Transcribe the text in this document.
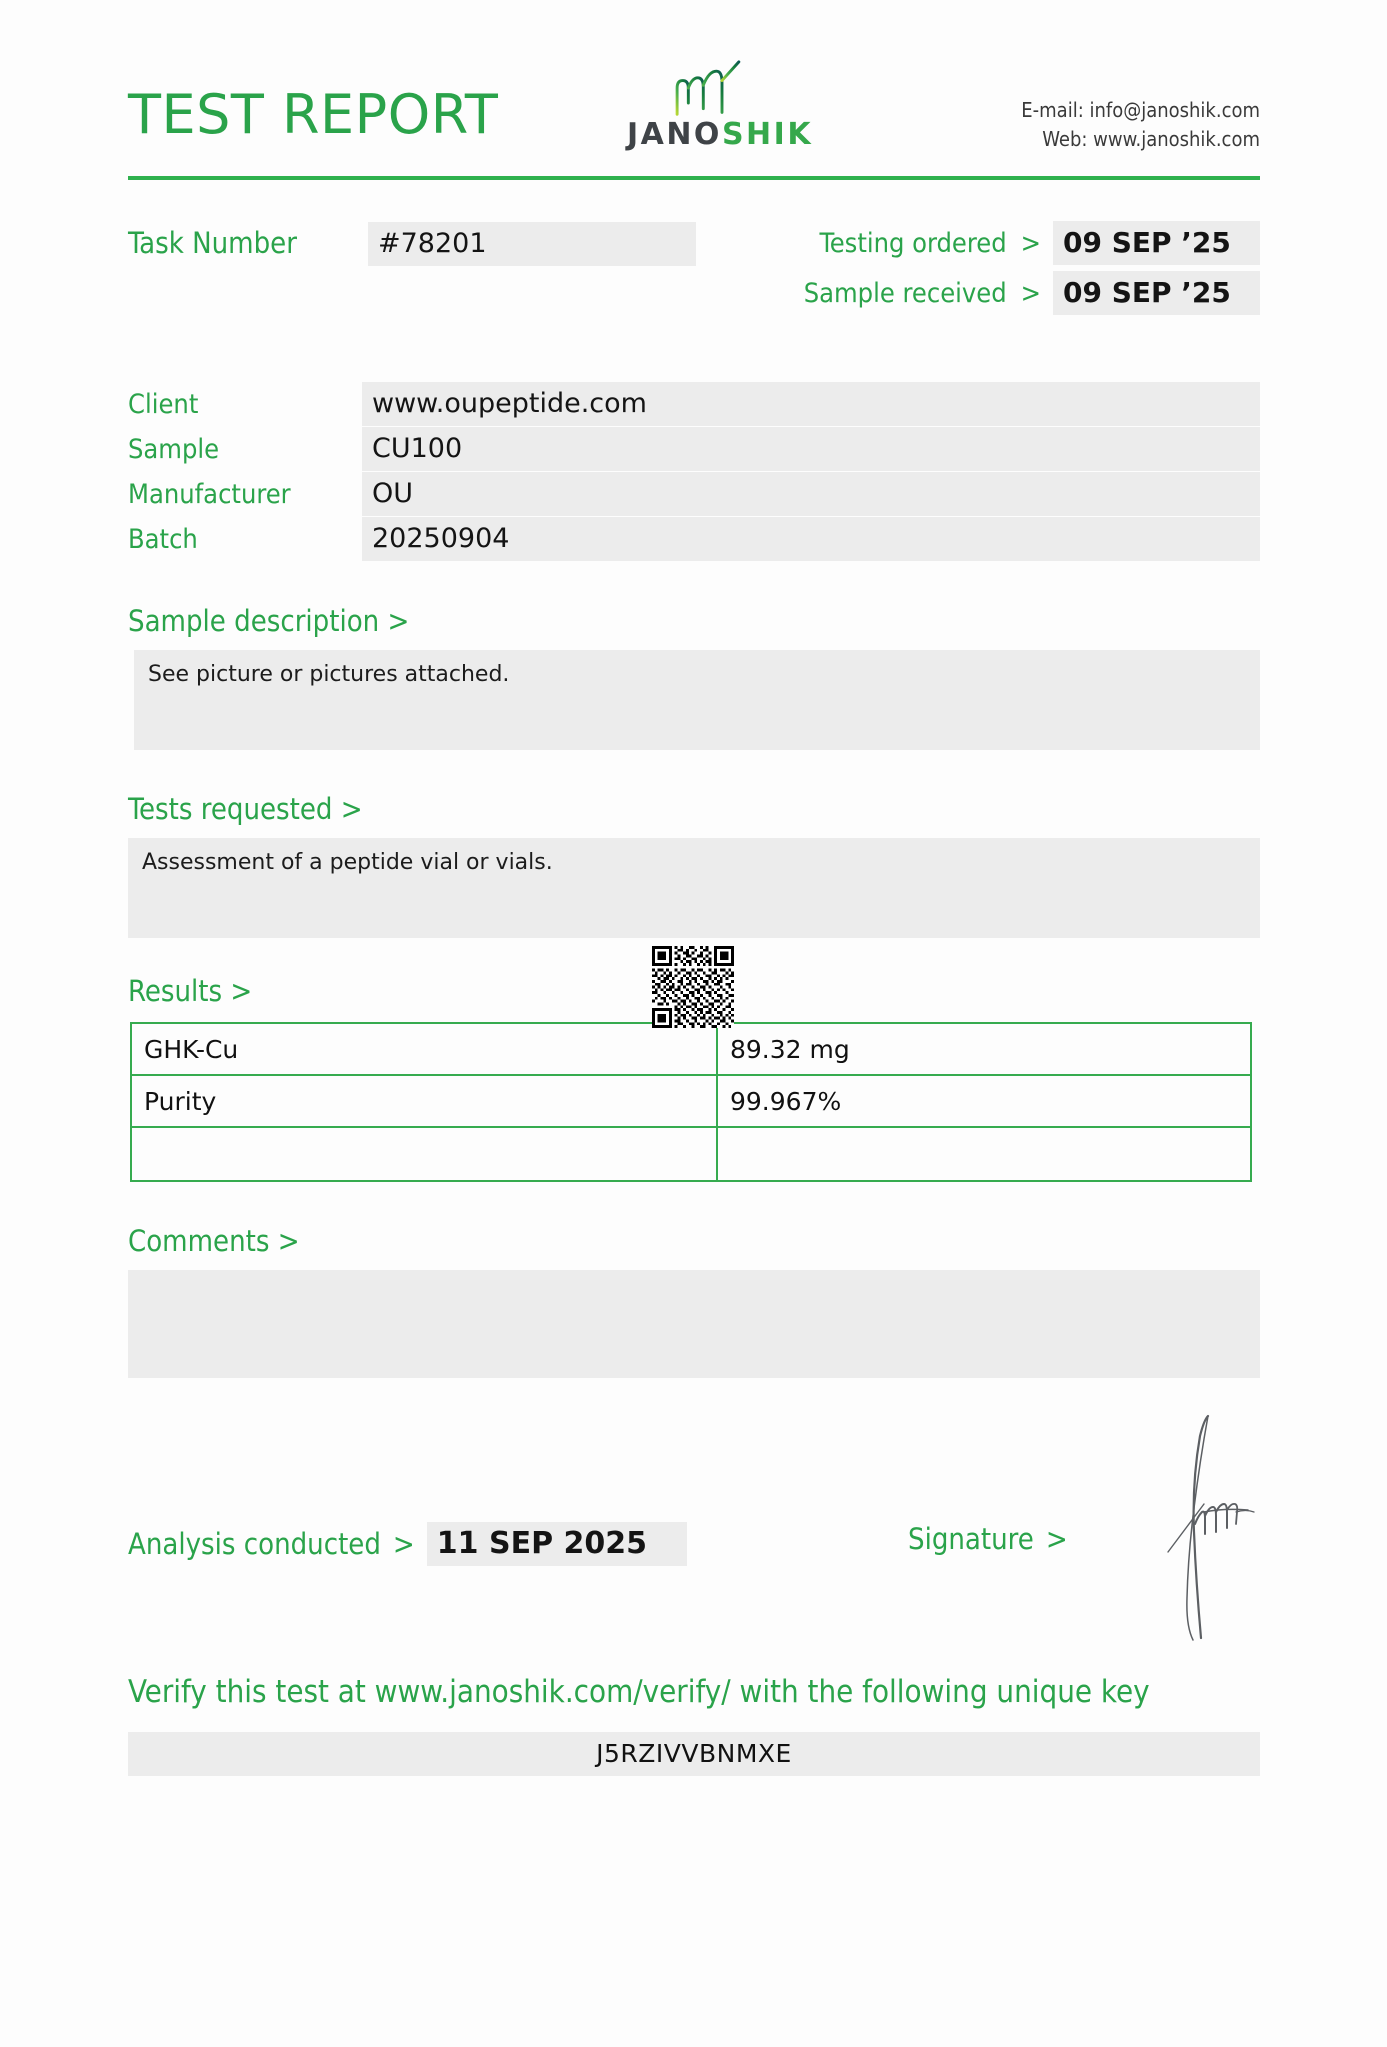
TEST REPORT	JANOSHIK
E-mail: info@janoshik.com
Web: www.janoshik.com
Task Number	#78201	Testing ordered > 09 SEP ’25
Sample received > 09 SEP ’25
Client	www.oupeptide.com
Sample	CU100
Manufacturer	OU
Batch	20250904
Sample description >
See picture or pictures attached.
Tests requested >
Assessment of a peptide vial or vials.
Results >
GHK-Cu	89.32 mg
Purity	99.967%

Comments >
Analysis conducted > 11 SEP 2025	Signature >
Verify this test at www.janoshik.com/verify/ with the following unique key
J5RZIVVBNMXE
